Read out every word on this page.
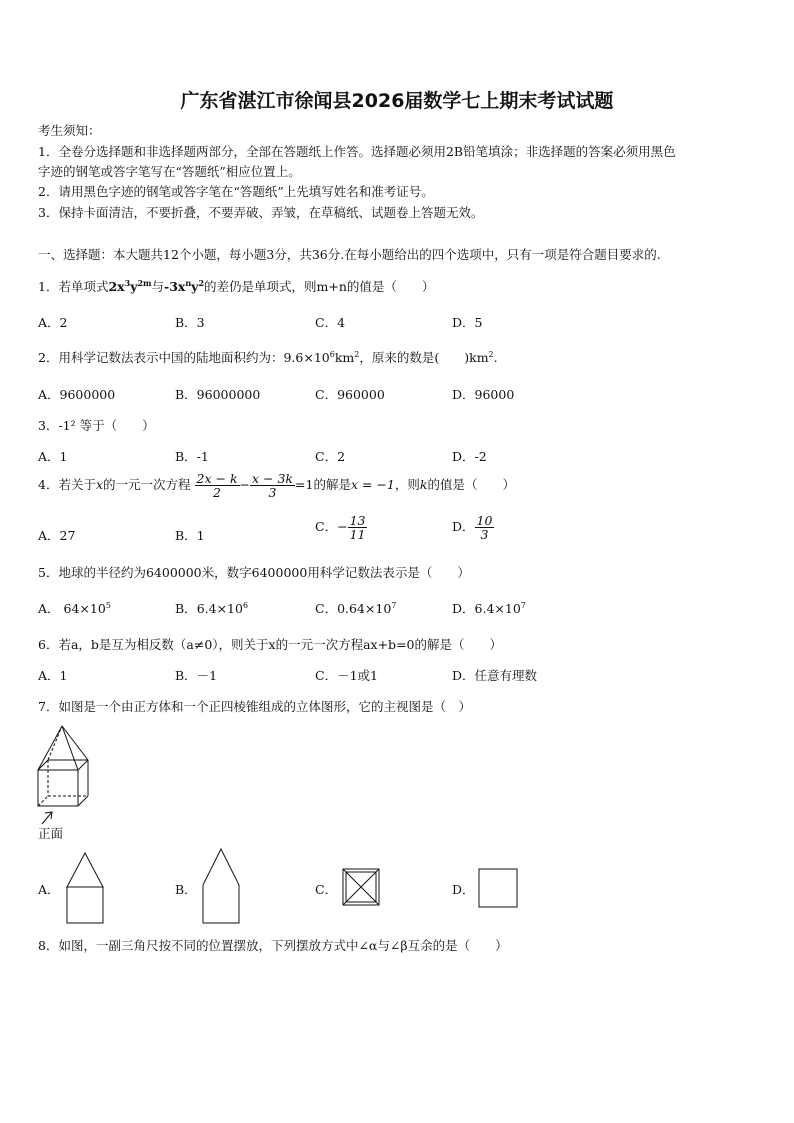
广东省湛江市徐闻县2026届数学七上期末考试试题
考生须知：
1．全卷分选择题和非选择题两部分，全部在答题纸上作答。选择题必须用2B铅笔填涂；非选择题的答案必须用黑色
字迹的钢笔或答字笔写在“答题纸”相应位置上。
2．请用黑色字迹的钢笔或答字笔在“答题纸”上先填写姓名和准考证号。
3．保持卡面清洁，不要折叠，不要弄破、弄皱，在草稿纸、试题卷上答题无效。
一、选择题：本大题共12个小题，每小题3分，共36分.在每小题给出的四个选项中，只有一项是符合题目要求的.
1．若单项式$2x^3y^{2m}$与$-3x^ny^2$的差仍是单项式，则m+n的值是（　　）
A．2	B．3	C．4	D．5
2．用科学记数法表示中国的陆地面积约为：$9.6\times 10^6km^2$，原来的数是(　　)$km^2$.
A．9600000	B．96000000	C．960000	D．96000
3．-1² 等于（　　）
A．1	B．-1	C．2	D．-2
4．若关于x的一元一次方程 $\frac{2x - k}{2} - \frac{x - 3k}{3} =1$的解是x = −1，则k的值是（　　）
A．27	B．1
C．− $\frac{13}{11}$	D． $\frac{10}{3}$
5．地球的半径约为6400000米，数字6400000用科学记数法表示是（　　）
A． $64\times 10^5$	B．$6.4\times 10^6$	C．$0.64\times 10^7$	D．$6.4\times 10^7$
6．若a，b是互为相反数（a≠0），则关于x的一元一次方程ax+b=0的解是（　　）
A．1	B．－1	C．－1或1	D．任意有理数
7．如图是一个由正方体和一个正四棱锥组成的立体图形，它的主视图是（　）
正面
A．	B．	C．	D．
8．如图，一副三角尺按不同的位置摆放，下列摆放方式中∠α与∠β互余的是（　　）
